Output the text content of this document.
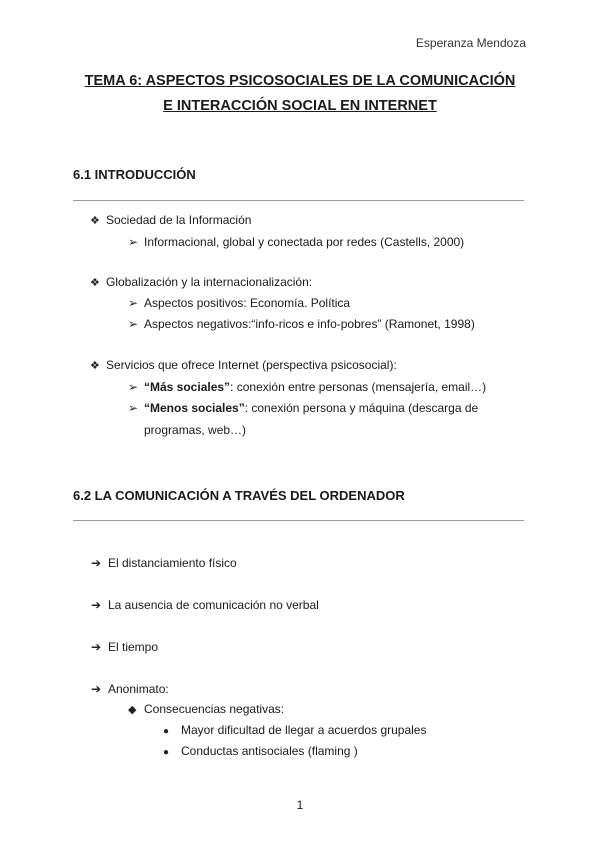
Esperanza Mendoza
TEMA 6: ASPECTOS PSICOSOCIALES DE LA COMUNICACIÓN
E INTERACCIÓN SOCIAL EN INTERNET
6.1 INTRODUCCIÓN
❖ Sociedad de la Información
➢ Informacional, global y conectada por redes (Castells, 2000)
❖ Globalización y la internacionalización:
➢ Aspectos positivos: Economía. Política
➢ Aspectos negativos:“info-ricos e info-pobres” (Ramonet, 1998)
❖ Servicios que ofrece Internet (perspectiva psicosocial):
➢ “Más sociales”: conexión entre personas (mensajería, email…)
➢ “Menos sociales”: conexión persona y máquina (descarga de
programas, web…)
6.2 LA COMUNICACIÓN A TRAVÉS DEL ORDENADOR
➔ El distanciamiento físico
➔ La ausencia de comunicación no verbal
➔ El tiempo
➔ Anonimato:
◆ Consecuencias negativas:
● Mayor dificultad de llegar a acuerdos grupales
● Conductas antisociales (flaming )
1
